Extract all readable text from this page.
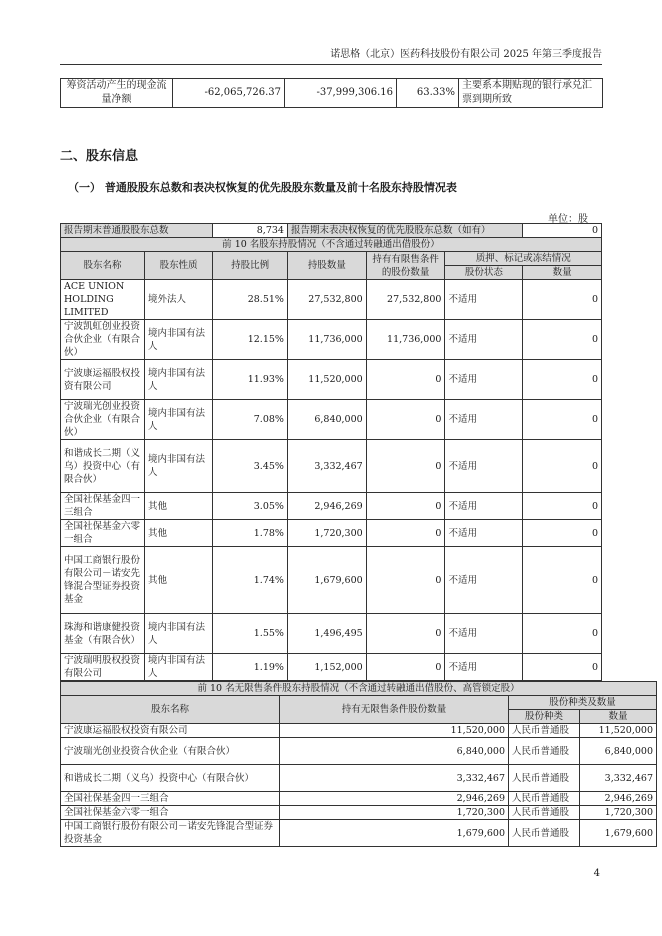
诺思格（北京）医药科技股份有限公司 2025 年第三季度报告
筹资活动产生的现金流量净额	-62,065,726.37	-37,999,306.16	63.33%	主要系本期贴现的银行承兑汇票到期所致
二、股东信息
（一） 普通股股东总数和表决权恢复的优先股股东数量及前十名股东持股情况表
单位：股
报告期末普通股股东总数		8,734	报告期末表决权恢复的优先股股东总数（如有）			0
前 10 名股东持股情况（不含通过转融通出借股份）						
股东名称	股东性质	持股比例	持股数量	持有有限售条件的股份数量	质押、标记或冻结情况	
					股份状态	数量
ACE UNION HOLDING LIMITED	境外法人	28.51%	27,532,800	27,532,800	不适用	0
宁波凯虹创业投资合伙企业（有限合伙）	境内非国有法人	12.15%	11,736,000	11,736,000	不适用	0
宁波康运福股权投资有限公司	境内非国有法人	11.93%	11,520,000	0	不适用	0
宁波瑞光创业投资合伙企业（有限合伙）	境内非国有法人	7.08%	6,840,000	0	不适用	0
和谐成长二期（义乌）投资中心（有限合伙）	境内非国有法人	3.45%	3,332,467	0	不适用	0
全国社保基金四一三组合	其他	3.05%	2,946,269	0	不适用	0
全国社保基金六零一组合	其他	1.78%	1,720,300	0	不适用	0
中国工商银行股份有限公司－诺安先锋混合型证券投资基金	其他	1.74%	1,679,600	0	不适用	0
珠海和谐康健投资基金（有限合伙）	境内非国有法人	1.55%	1,496,495	0	不适用	0
宁波瑞明股权投资有限公司	境内非国有法人	1.19%	1,152,000	0	不适用	0
前 10 名无限售条件股东持股情况（不含通过转融通出借股份、高管锁定股）			
股东名称	持有无限售条件股份数量	股份种类及数量	
		股份种类	数量
宁波康运福股权投资有限公司	11,520,000	人民币普通股	11,520,000
宁波瑞光创业投资合伙企业（有限合伙）	6,840,000	人民币普通股	6,840,000
和谐成长二期（义乌）投资中心（有限合伙）	3,332,467	人民币普通股	3,332,467
全国社保基金四一三组合	2,946,269	人民币普通股	2,946,269
全国社保基金六零一组合	1,720,300	人民币普通股	1,720,300
中国工商银行股份有限公司－诺安先锋混合型证券投资基金	1,679,600	人民币普通股	1,679,600
4
